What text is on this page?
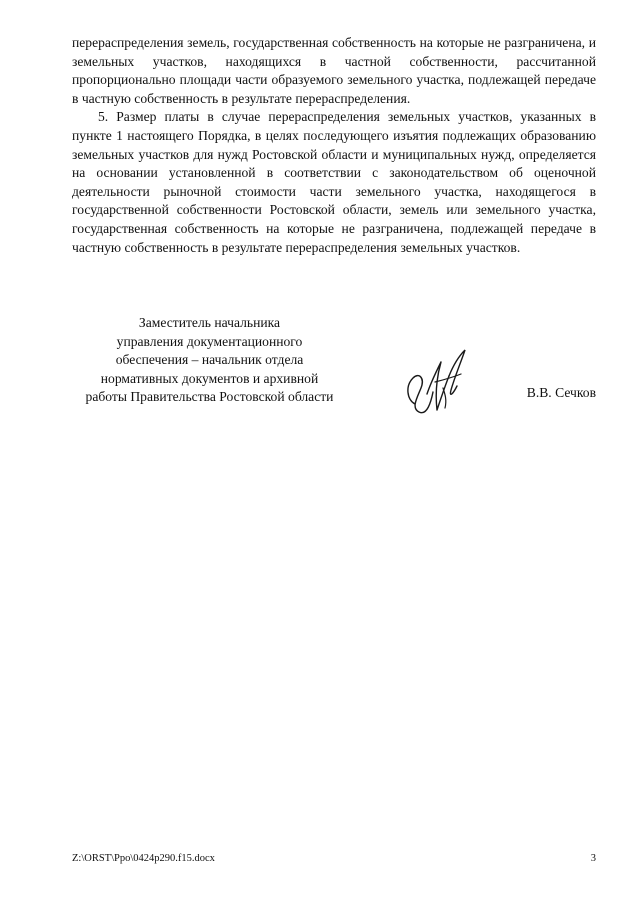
перераспределения земель, государственная собственность на которые не разграничена, и земельных участков, находящихся в частной собственности, рассчитанной пропорционально площади части образуемого земельного участка, подлежащей передаче в частную собственность в результате перераспределения.

5. Размер платы в случае перераспределения земельных участков, указанных в пункте 1 настоящего Порядка, в целях последующего изъятия подлежащих образованию земельных участков для нужд Ростовской области и муниципальных нужд, определяется на основании установленной в соответствии с законодательством об оценочной деятельности рыночной стоимости части земельного участка, находящегося в государственной собственности Ростовской области, земель или земельного участка, государственная собственность на которые не разграничена, подлежащей передаче в частную собственность в результате перераспределения земельных участков.

Заместитель начальника
управления документационного
обеспечения – начальник отдела
нормативных документов и архивной
работы Правительства Ростовской области	В.В. Сечков
Z:\ORST\Ppo\0424p290.f15.docx	3
